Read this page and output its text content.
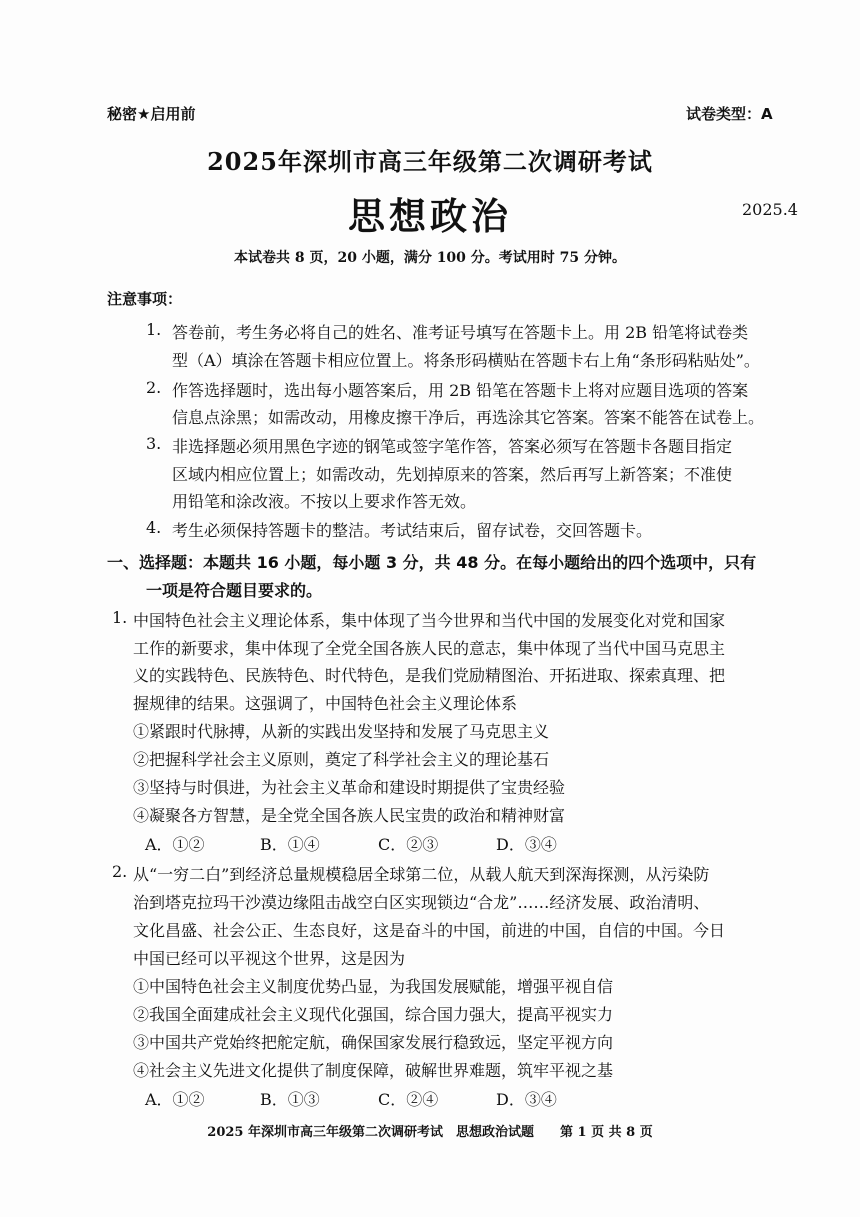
秘密★启用前	试卷类型：A
2025年深圳市高三年级第二次调研考试
思想政治	2025.4
本试卷共 8 页，20 小题，满分 100 分。考试用时 75 分钟。
注意事项：
1. 答卷前，考生务必将自己的姓名、准考证号填写在答题卡上。用 2B 铅笔将试卷类
型（A）填涂在答题卡相应位置上。将条形码横贴在答题卡右上角“条形码粘贴处”。
2. 作答选择题时，选出每小题答案后，用 2B 铅笔在答题卡上将对应题目选项的答案
信息点涂黑；如需改动，用橡皮擦干净后，再选涂其它答案。答案不能答在试卷上。
3. 非选择题必须用黑色字迹的钢笔或签字笔作答，答案必须写在答题卡各题目指定
区域内相应位置上；如需改动，先划掉原来的答案，然后再写上新答案；不准使
用铅笔和涂改液。不按以上要求作答无效。
4. 考生必须保持答题卡的整洁。考试结束后，留存试卷，交回答题卡。
一、选择题：本题共 16 小题，每小题 3 分，共 48 分。在每小题给出的四个选项中，只有
一项是符合题目要求的。
1. 中国特色社会主义理论体系，集中体现了当今世界和当代中国的发展变化对党和国家
工作的新要求，集中体现了全党全国各族人民的意志，集中体现了当代中国马克思主
义的实践特色、民族特色、时代特色，是我们党励精图治、开拓进取、探索真理、把
握规律的结果。这强调了，中国特色社会主义理论体系
①紧跟时代脉搏，从新的实践出发坚持和发展了马克思主义
②把握科学社会主义原则，奠定了科学社会主义的理论基石
③坚持与时俱进，为社会主义革命和建设时期提供了宝贵经验
④凝聚各方智慧，是全党全国各族人民宝贵的政治和精神财富
A．①②	B．①④	C．②③	D．③④
2. 从“一穷二白”到经济总量规模稳居全球第二位，从载人航天到深海探测，从污染防
治到塔克拉玛干沙漠边缘阻击战空白区实现锁边“合龙”……经济发展、政治清明、
文化昌盛、社会公正、生态良好，这是奋斗的中国，前进的中国，自信的中国。今日
中国已经可以平视这个世界，这是因为
①中国特色社会主义制度优势凸显，为我国发展赋能，增强平视自信
②我国全面建成社会主义现代化强国，综合国力强大，提高平视实力
③中国共产党始终把舵定航，确保国家发展行稳致远，坚定平视方向
④社会主义先进文化提供了制度保障，破解世界难题，筑牢平视之基
A．①②	B．①③	C．②④	D．③④
2025 年深圳市高三年级第二次调研考试　思想政治试题　　第 1 页 共 8 页
